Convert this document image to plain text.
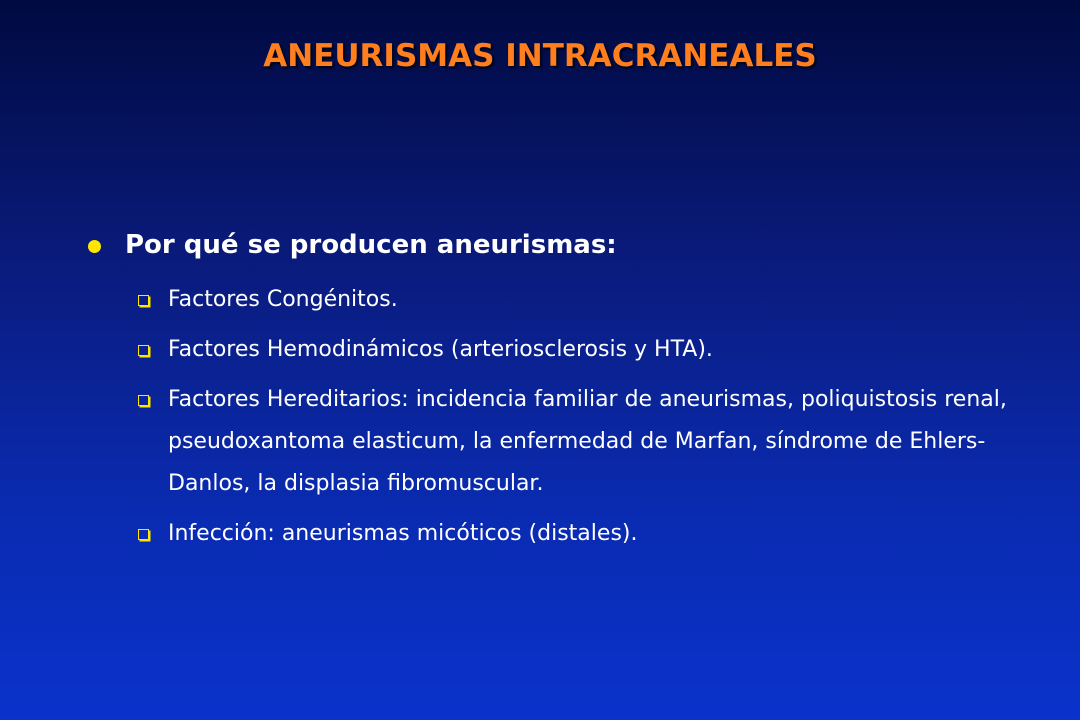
ANEURISMAS INTRACRANEALES
Por qué se producen aneurismas:
Factores Congénitos.
Factores Hemodinámicos (arteriosclerosis y HTA).
Factores Hereditarios: incidencia familiar de aneurismas, poliquistosis renal, pseudoxantoma elasticum, la enfermedad de Marfan, síndrome de Ehlers-Danlos, la displasia fibromuscular.
Infección: aneurismas micóticos (distales).
